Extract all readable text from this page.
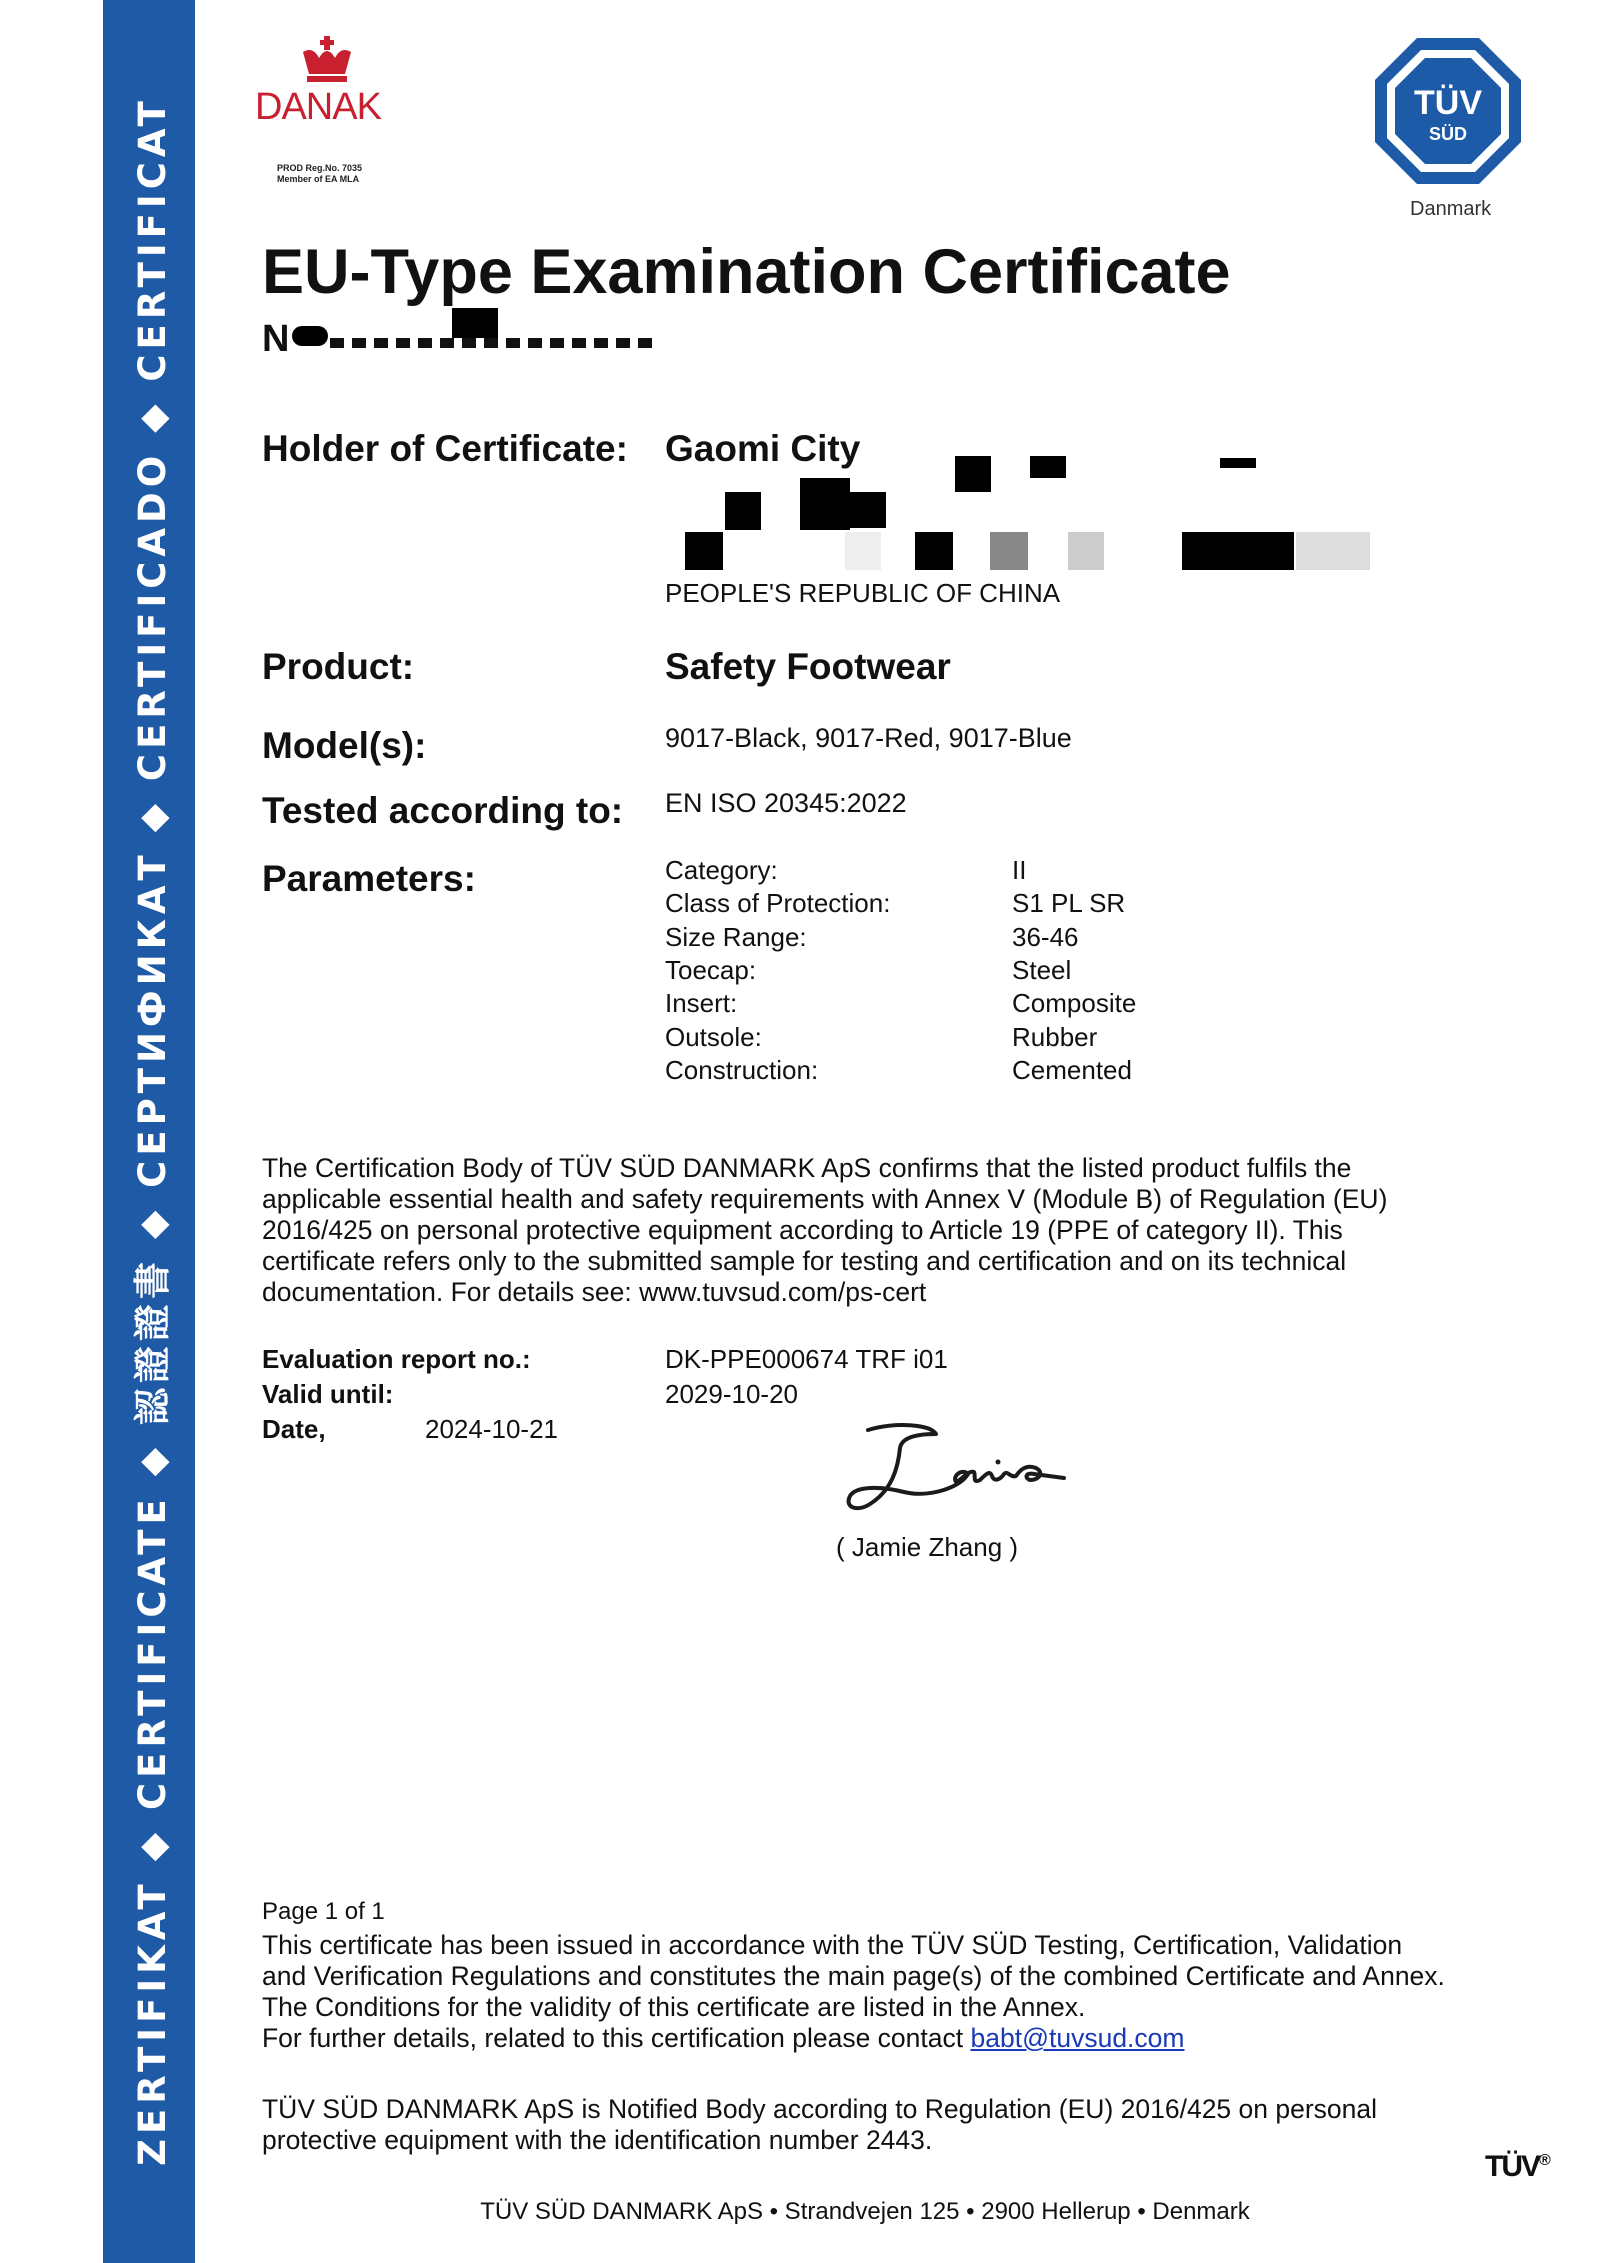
ZERTIFIKAT ◆ CERTIFICATE ◆ 認證證書 ◆ СЕРТИФИКАТ ◆ CERTIFICADO ◆ CERTIFICAT DANAK
PROD Reg.No. 7035
Member of EA MLA
TÜV
SÜD
Danmark
EU-Type Examination Certificate
N
Holder of Certificate: Gaomi City
PEOPLE'S REPUBLIC OF CHINA
Product:	Safety Footwear
Model(s):	9017-Black, 9017-Red, 9017-Blue
Tested according to: EN ISO 20345:2022
Parameters:	Category:	II
Class of Protection:	S1 PL SR
Size Range:	36-46
Toecap:	Steel
Insert:	Composite
Outsole:	Rubber
Construction:	Cemented
The Certification Body of TÜV SÜD DANMARK ApS confirms that the listed product fulfils the
applicable essential health and safety requirements with Annex V (Module B) of Regulation (EU)
2016/425 on personal protective equipment according to Article 19 (PPE of category II). This
certificate refers only to the submitted sample for testing and certification and on its technical
documentation. For details see: www.tuvsud.com/ps-cert
Evaluation report no.:	DK-PPE000674 TRF i01
Valid until:	2029-10-20
Date,	2024-10-21
( Jamie Zhang )
Page 1 of 1
This certificate has been issued in accordance with the TÜV SÜD Testing, Certification, Validation
and Verification Regulations and constitutes the main page(s) of the combined Certificate and Annex.
The Conditions for the validity of this certificate are listed in the Annex.
For further details, related to this certification please contact babt@tuvsud.com
TÜV SÜD DANMARK ApS is Notified Body according to Regulation (EU) 2016/425 on personal
protective equipment with the identification number 2443.
TÜV®
TÜV SÜD DANMARK ApS • Strandvejen 125 • 2900 Hellerup • Denmark
